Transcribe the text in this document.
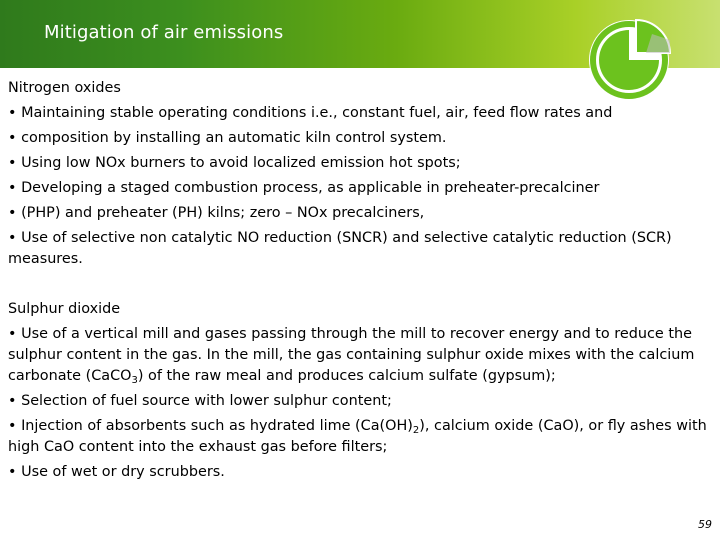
Mitigation of air emissions
Nitrogen oxides
• Maintaining stable operating conditions i.e., constant fuel, air, feed flow rates and
• composition by installing an automatic kiln control system.
• Using low NOx burners to avoid localized emission hot spots;
• Developing a staged combustion process, as applicable in preheater-precalciner
• (PHP) and preheater (PH) kilns; zero – NOx precalciners,
• Use of selective non catalytic NO reduction (SNCR) and selective catalytic reduction (SCR) measures.
Sulphur dioxide
• Use of a vertical mill and gases passing through the mill to recover energy and to reduce the sulphur content in the gas. In the mill, the gas containing sulphur oxide mixes with the calcium carbonate (CaCO$_3$) of the raw meal and produces calcium sulfate (gypsum);
• Selection of fuel source with lower sulphur content;
• Injection of absorbents such as hydrated lime $(Ca(OH)_2)$, calcium oxide (CaO), or fly ashes with high CaO content into the exhaust gas before filters;
• Use of wet or dry scrubbers.
59
